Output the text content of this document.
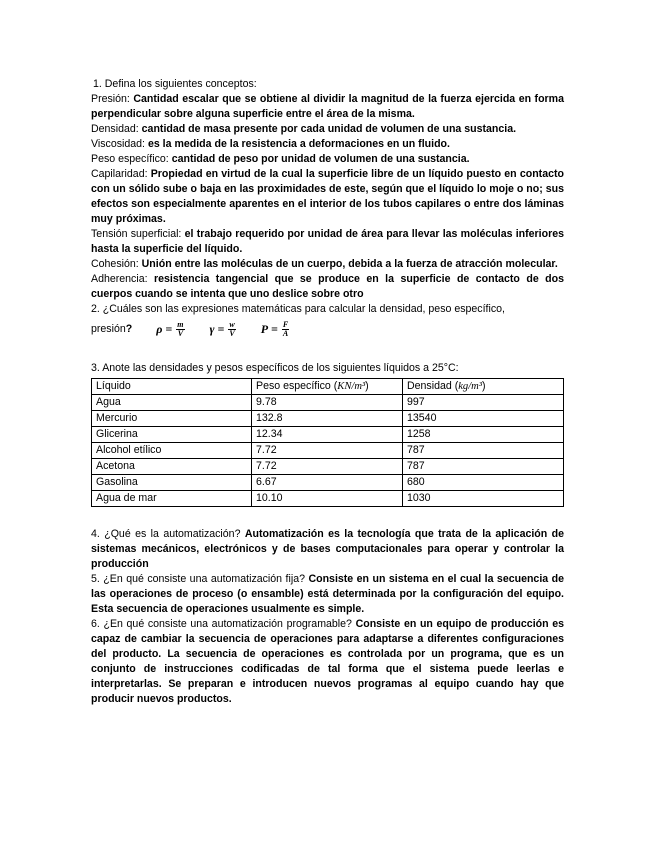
1. Defina los siguientes conceptos:

Presión: Cantidad escalar que se obtiene al dividir la magnitud de la fuerza ejercida en forma perpendicular sobre alguna superficie entre el área de la misma.

Densidad: cantidad de masa presente por cada unidad de volumen de una sustancia.

Viscosidad: es la medida de la resistencia a deformaciones en un fluido.

Peso específico: cantidad de peso por unidad de volumen de una sustancia.

Capilaridad: Propiedad en virtud de la cual la superficie libre de un líquido puesto en contacto con un sólido sube o baja en las proximidades de este, según que el líquido lo moje o no; sus efectos son especialmente aparentes en el interior de los tubos capilares o entre dos láminas muy próximas.

Tensión superficial: el trabajo requerido por unidad de área para llevar las moléculas inferiores hasta la superficie del líquido.

Cohesión: Unión entre las moléculas de un cuerpo, debida a la fuerza de atracción molecular.

Adherencia: resistencia tangencial que se produce en la superficie de contacto de dos cuerpos cuando se intenta que uno deslice sobre otro

2. ¿Cuáles son las expresiones matemáticas para calcular la densidad, peso específico,

presión? $\rho = \frac{m}{V}$ $\gamma = \frac{w}{V}$ $P = \frac{F}{A}$

3. Anote las densidades y pesos específicos de los siguientes líquidos a 25°C:

Líquido	Peso específico (KN/m³)	Densidad (kg/m³)
Agua	9.78	997
Mercurio	132.8	13540
Glicerina	12.34	1258
Alcohol etílico	7.72	787
Acetona	7.72	787
Gasolina	6.67	680
Agua de mar	10.10	1030

4. ¿Qué es la automatización? Automatización es la tecnología que trata de la aplicación de sistemas mecánicos, electrónicos y de bases computacionales para operar y controlar la producción

5. ¿En qué consiste una automatización fija? Consiste en un sistema en el cual la secuencia de las operaciones de proceso (o ensamble) está determinada por la configuración del equipo. Esta secuencia de operaciones usualmente es simple.

6. ¿En qué consiste una automatización programable? Consiste en un equipo de producción es capaz de cambiar la secuencia de operaciones para adaptarse a diferentes configuraciones del producto. La secuencia de operaciones es controlada por un programa, que es un conjunto de instrucciones codificadas de tal forma que el sistema puede leerlas e interpretarlas. Se preparan e introducen nuevos programas al equipo cuando hay que producir nuevos productos.
